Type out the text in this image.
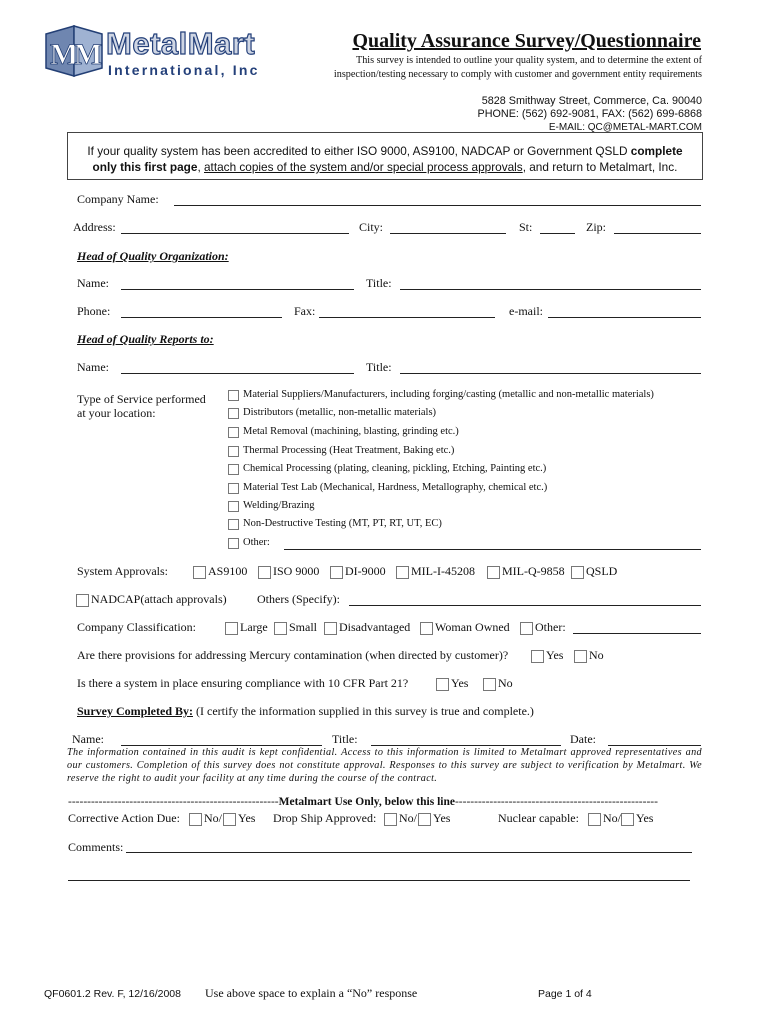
M
M MetalMart
International, Inc
Quality Assurance Survey/Questionnaire
This survey is intended to outline your quality system, and to determine the extent of inspection/testing necessary to comply with customer and government entity requirements
5828 Smithway Street, Commerce, Ca. 90040
PHONE: (562) 692-9081, FAX: (562) 699-6868
E-MAIL: QC@METAL-MART.COM
If your quality system has been accredited to either ISO 9000, AS9100, NADCAP or Government QSLD complete only this first page, attach copies of the system and/or special process approvals, and return to Metalmart, Inc.
Company Name:
Address:	City:	St:	Zip:
Head of Quality Organization:
Name:	Title:
Phone:	Fax:	e-mail:
Head of Quality Reports to:
Name:	Title:
Type of Service performed
at your location:
Material Suppliers/Manufacturers, including forging/casting (metallic and non-metallic materials)
Distributors (metallic, non-metallic materials)
Metal Removal (machining, blasting, grinding etc.)
Thermal Processing (Heat Treatment, Baking etc.)
Chemical Processing (plating, cleaning, pickling, Etching, Painting etc.)
Material Test Lab (Mechanical, Hardness, Metallography, chemical etc.)
Welding/Brazing
Non-Destructive Testing (MT, PT, RT, UT, EC)
Other:
System Approvals:	AS9100 ISO 9000 DI-9000 MIL-I-45208 MIL-Q-9858 QSLD
NADCAP(attach approvals)	Others (Specify):
Company Classification:	Large Small Disadvantaged Woman Owned Other:
Are there provisions for addressing Mercury contamination (when directed by customer)?	Yes No
Is there a system in place ensuring compliance with 10 CFR Part 21?	Yes No
Survey Completed By: (I certify the information supplied in this survey is true and complete.)
Name:	Title:	Date:
The information contained in this audit is kept confidential. Access to this information is limited to Metalmart approved representatives and our customers. Completion of this survey does not constitute approval. Responses to this survey are subject to verification by Metalmart. We reserve the right to audit your facility at any time during the course of the contract.
-------------------------------------------------------Metalmart Use Only, below this line-----------------------------------------------------
Corrective Action Due: No/ Yes Drop Ship Approved: No/ Yes	Nuclear capable: No/ Yes
Comments:
QF0601.2 Rev. F, 12/16/2008 Use above space to explain a “No” response	Page 1 of 4
